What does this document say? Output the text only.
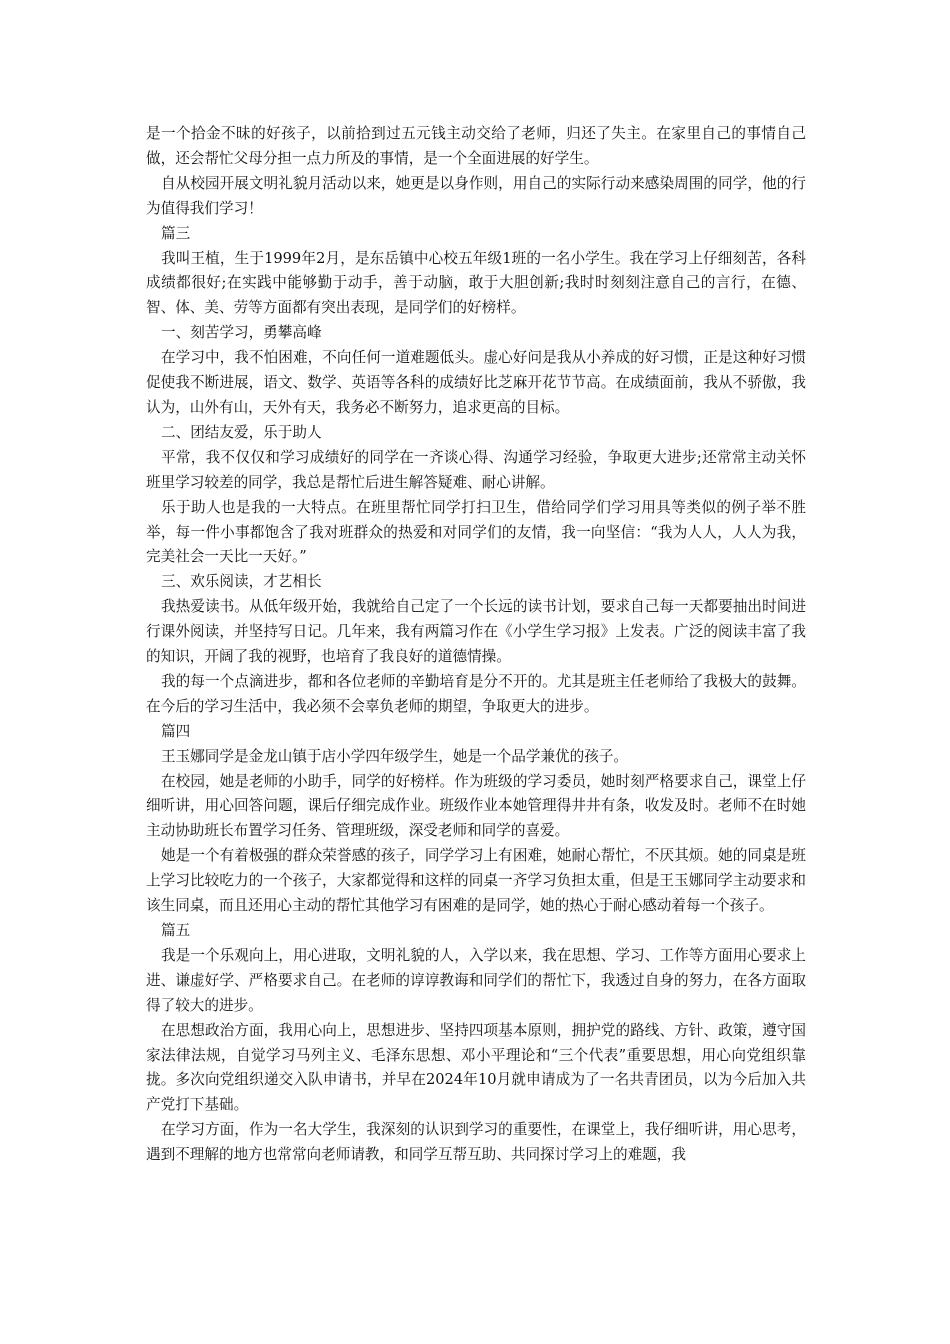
是一个拾金不昧的好孩子，以前拾到过五元钱主动交给了老师，归还了失主。在家里自己的事情自己做，还会帮忙父母分担一点力所及的事情，是一个全面进展的好学生。

自从校园开展文明礼貌月活动以来，她更是以身作则，用自己的实际行动来感染周围的同学，他的行为值得我们学习！

篇三

我叫王植，生于1999年2月，是东岳镇中心校五年级1班的一名小学生。我在学习上仔细刻苦，各科成绩都很好;在实践中能够勤于动手，善于动脑，敢于大胆创新;我时时刻刻注意自己的言行，在德、智、体、美、劳等方面都有突出表现，是同学们的好榜样。

一、刻苦学习，勇攀高峰

在学习中，我不怕困难，不向任何一道难题低头。虚心好问是我从小养成的好习惯，正是这种好习惯促使我不断进展，语文、数学、英语等各科的成绩好比芝麻开花节节高。在成绩面前，我从不骄傲，我认为，山外有山，天外有天，我务必不断努力，追求更高的目标。

二、团结友爱，乐于助人

平常，我不仅仅和学习成绩好的同学在一齐谈心得、沟通学习经验，争取更大进步;还常常主动关怀班里学习较差的同学，我总是帮忙后进生解答疑难、耐心讲解。

乐于助人也是我的一大特点。在班里帮忙同学打扫卫生，借给同学们学习用具等类似的例子举不胜举，每一件小事都饱含了我对班群众的热爱和对同学们的友情，我一向坚信：“我为人人，人人为我，完美社会一天比一天好。”

三、欢乐阅读，才艺相长

我热爱读书。从低年级开始，我就给自己定了一个长远的读书计划，要求自己每一天都要抽出时间进行课外阅读，并坚持写日记。几年来，我有两篇习作在《小学生学习报》上发表。广泛的阅读丰富了我的知识，开阔了我的视野，也培育了我良好的道德情操。

我的每一个点滴进步，都和各位老师的辛勤培育是分不开的。尤其是班主任老师给了我极大的鼓舞。在今后的学习生活中，我必须不会辜负老师的期望，争取更大的进步。

篇四

王玉娜同学是金龙山镇于店小学四年级学生，她是一个品学兼优的孩子。

在校园，她是老师的小助手，同学的好榜样。作为班级的学习委员，她时刻严格要求自己，课堂上仔细听讲，用心回答问题，课后仔细完成作业。班级作业本她管理得井井有条，收发及时。老师不在时她主动协助班长布置学习任务、管理班级，深受老师和同学的喜爱。

她是一个有着极强的群众荣誉感的孩子，同学学习上有困难，她耐心帮忙，不厌其烦。她的同桌是班上学习比较吃力的一个孩子，大家都觉得和这样的同桌一齐学习负担太重，但是王玉娜同学主动要求和该生同桌，而且还用心主动的帮忙其他学习有困难的是同学，她的热心于耐心感动着每一个孩子。

篇五

我是一个乐观向上，用心进取，文明礼貌的人，入学以来，我在思想、学习、工作等方面用心要求上进、谦虚好学、严格要求自己。在老师的谆谆教诲和同学们的帮忙下，我透过自身的努力，在各方面取得了较大的进步。

在思想政治方面，我用心向上，思想进步、坚持四项基本原则，拥护党的路线、方针、政策，遵守国家法律法规，自觉学习马列主义、毛泽东思想、邓小平理论和“三个代表”重要思想，用心向党组织靠拢。多次向党组织递交入队申请书，并早在2024年10月就申请成为了一名共青团员，以为今后加入共产党打下基础。

在学习方面，作为一名大学生，我深刻的认识到学习的重要性，在课堂上，我仔细听讲，用心思考，遇到不理解的地方也常常向老师请教，和同学互帮互助、共同探讨学习上的难题，我
